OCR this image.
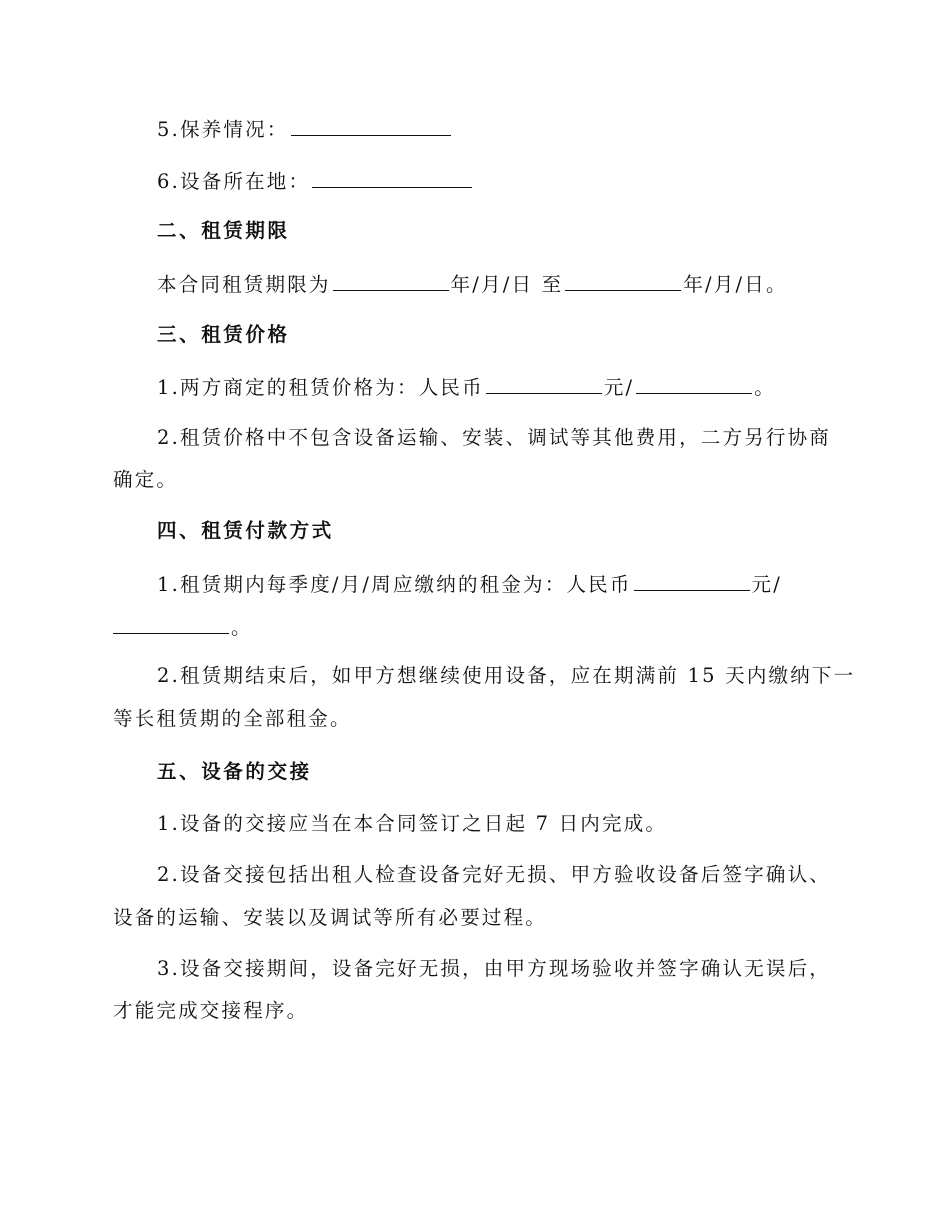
5.保养情况：
6.设备所在地：
二、租赁期限
本合同租赁期限为	年/月/日 至	年/月/日。
三、租赁价格
1.两方商定的租赁价格为：人民币	元/	。
2.租赁价格中不包含设备运输、安装、调试等其他费用，二方另行协商
确定。
四、租赁付款方式
1.租赁期内每季度/月/周应缴纳的租金为：人民币	元/
。
2.租赁期结束后，如甲方想继续使用设备，应在期满前 15 天内缴纳下一
等长租赁期的全部租金。
五、设备的交接
1.设备的交接应当在本合同签订之日起 7 日内完成。
2.设备交接包括出租人检查设备完好无损、甲方验收设备后签字确认、
设备的运输、安装以及调试等所有必要过程。
3.设备交接期间，设备完好无损，由甲方现场验收并签字确认无误后，
才能完成交接程序。
